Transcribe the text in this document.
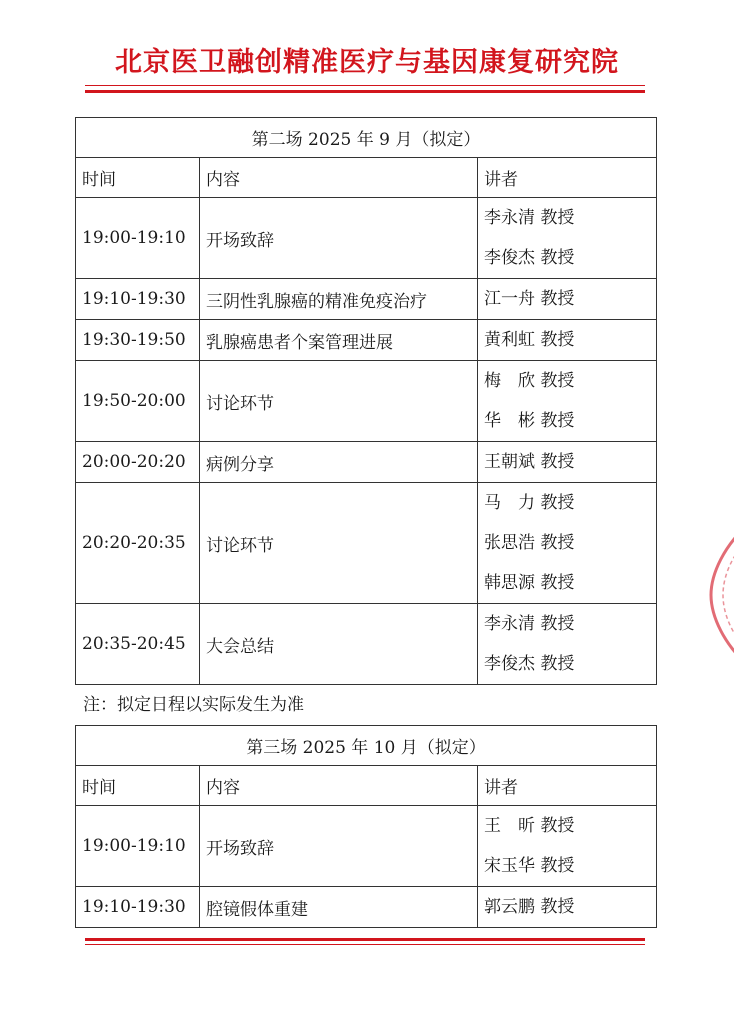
北京医卫融创精准医疗与基因康复研究院
第二场 2025 年 9 月（拟定）		
时间	内容	讲者
19:00-19:10	开场致辞	李永清 教授
李俊杰 教授

19:10-19:30	三阴性乳腺癌的精准免疫治疗	江一舟 教授

19:30-19:50	乳腺癌患者个案管理进展	黄利虹 教授

19:50-20:00	讨论环节	梅　欣 教授
华　彬 教授

20:00-20:20	病例分享	王朝斌 教授

20:20-20:35	讨论环节	马　力 教授
张思浩 教授
韩思源 教授

20:35-20:45	大会总结	李永清 教授
李俊杰 教授
注：拟定日程以实际发生为准
第三场 2025 年 10 月（拟定）		
时间	内容	讲者
19:00-19:10	开场致辞	王　昕 教授
宋玉华 教授

19:10-19:30	腔镜假体重建	郭云鹏 教授
